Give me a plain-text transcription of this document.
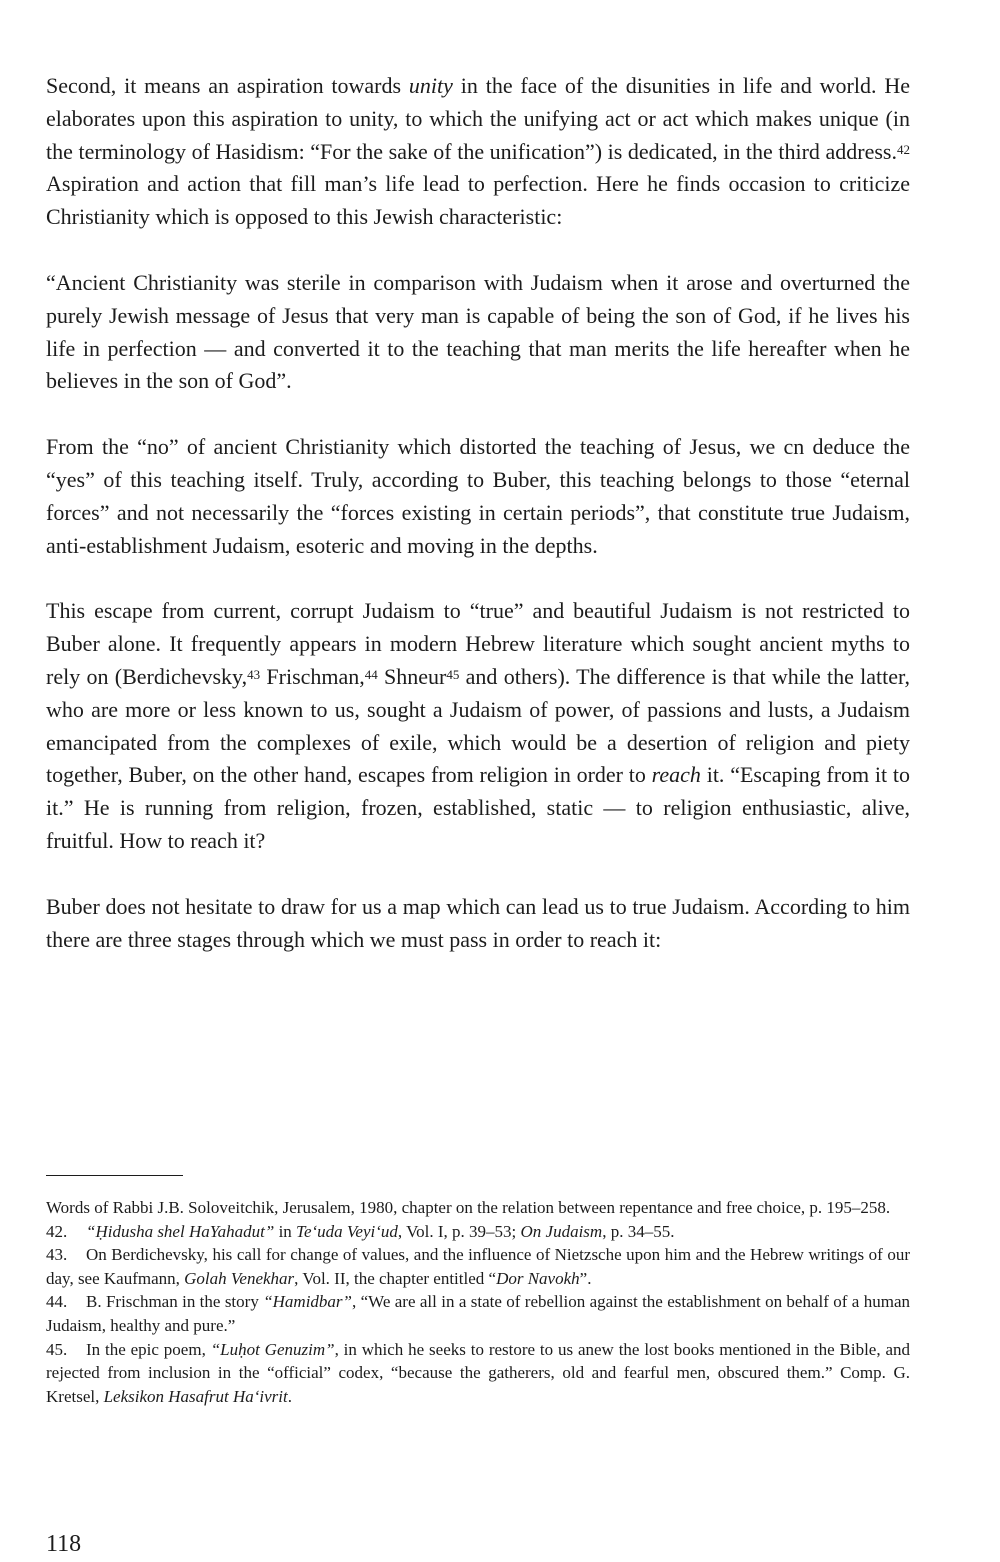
Second, it means an aspiration towards unity in the face of the disunities in life and world. He elaborates upon this aspiration to unity, to which the unifying act or act which makes unique (in the terminology of Hasidism: “For the sake of the unification”) is dedicated, in the third address.$^{42}$ Aspiration and action that fill man’s life lead to perfection. Here he finds occasion to criticize Christianity which is opposed to this Jewish characteristic:

“Ancient Christianity was sterile in comparison with Judaism when it arose and overturned the purely Jewish message of Jesus that very man is capable of being the son of God, if he lives his life in perfection — and converted it to the teaching that man merits the life hereafter when he believes in the son of God”.

From the “no” of ancient Christianity which distorted the teaching of Jesus, we cn deduce the “yes” of this teaching itself. Truly, according to Buber, this teaching belongs to those “eternal forces” and not necessarily the “forces existing in certain periods”, that constitute true Judaism, anti-establishment Judaism, esoteric and moving in the depths.

This escape from current, corrupt Judaism to “true” and beautiful Judaism is not restricted to Buber alone. It frequently appears in modern Hebrew literature which sought ancient myths to rely on (Berdichevsky,$^{43}$ Frischman,$^{44}$ Shneur$^{45}$ and others). The difference is that while the latter, who are more or less known to us, sought a Judaism of power, of passions and lusts, a Judaism emancipated from the complexes of exile, which would be a desertion of religion and piety together, Buber, on the other hand, escapes from religion in order to reach it. “Escaping from it to it.” He is running from religion, frozen, established, static — to religion enthusiastic, alive, fruitful. How to reach it?

Buber does not hesitate to draw for us a map which can lead us to true Judaism. According to him there are three stages through which we must pass in order to reach it:

Words of Rabbi J.B. Soloveitchik, Jerusalem, 1980, chapter on the relation between repentance and free choice, p. 195–258.

42. “Ḥidusha shel HaYahadut” in Te‘uda Veyi‘ud, Vol. I, p. 39–53; On Judaism, p. 34–55.

43. On Berdichevsky, his call for change of values, and the influence of Nietzsche upon him and the Hebrew writings of our day, see Kaufmann, Golah Venekhar, Vol. II, the chapter entitled “Dor Navokh”.

44. B. Frischman in the story “Hamidbar”, “We are all in a state of rebellion against the establishment on behalf of a human Judaism, healthy and pure.”

45. In the epic poem, “Luḥot Genuzim”, in which he seeks to restore to us anew the lost books mentioned in the Bible, and rejected from inclusion in the “official” codex, “because the gatherers, old and fearful men, obscured them.” Comp. G. Kretsel, Leksikon Hasafrut Ha‘ivrit.

118
